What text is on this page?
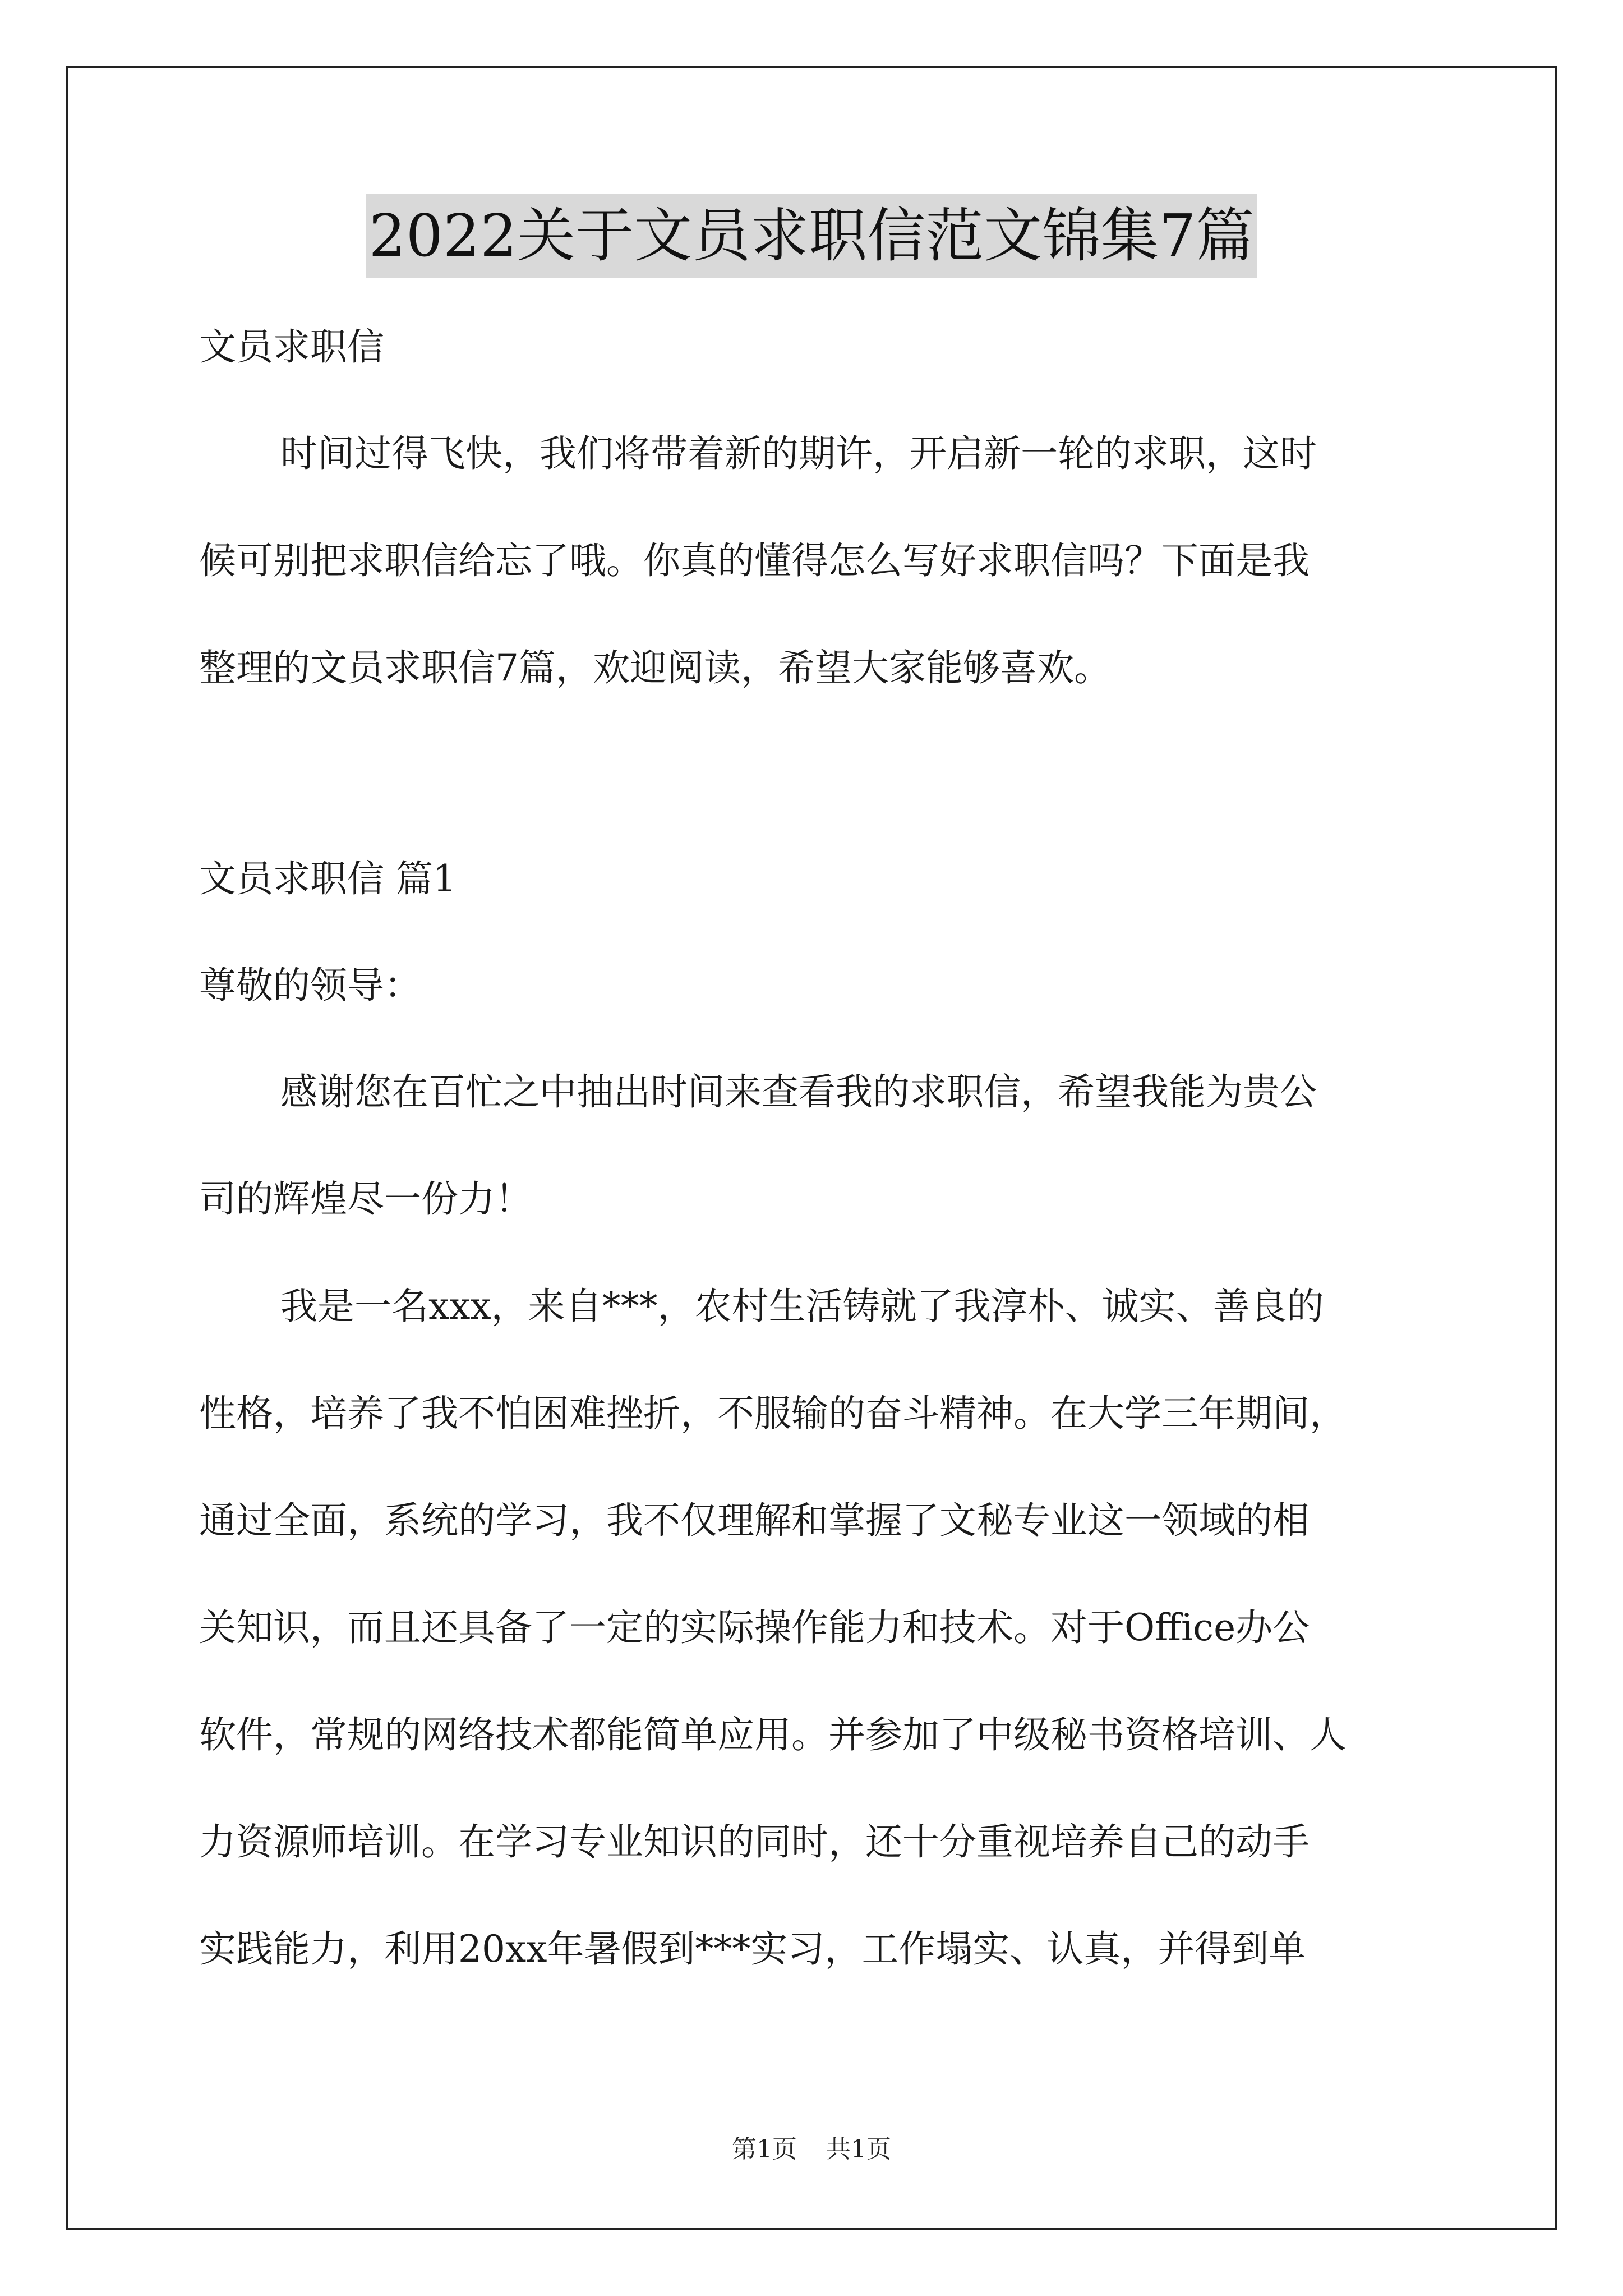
2022关于文员求职信范文锦集7篇
文员求职信
时间过得飞快，我们将带着新的期许，开启新一轮的求职，这时
候可别把求职信给忘了哦。你真的懂得怎么写好求职信吗？下面是我
整理的文员求职信7篇，欢迎阅读，希望大家能够喜欢。
文员求职信 篇1
尊敬的领导：
感谢您在百忙之中抽出时间来查看我的求职信，希望我能为贵公
司的辉煌尽一份力！
我是一名xxx，来自***，农村生活铸就了我淳朴、诚实、善良的
性格，培养了我不怕困难挫折，不服输的奋斗精神。在大学三年期间，
通过全面，系统的学习，我不仅理解和掌握了文秘专业这一领域的相
关知识，而且还具备了一定的实际操作能力和技术。对于Office办公
软件，常规的网络技术都能简单应用。并参加了中级秘书资格培训、人
力资源师培训。在学习专业知识的同时，还十分重视培养自己的动手
实践能力，利用20xx年暑假到***实习，工作塌实、认真，并得到单
第1页 共1页
